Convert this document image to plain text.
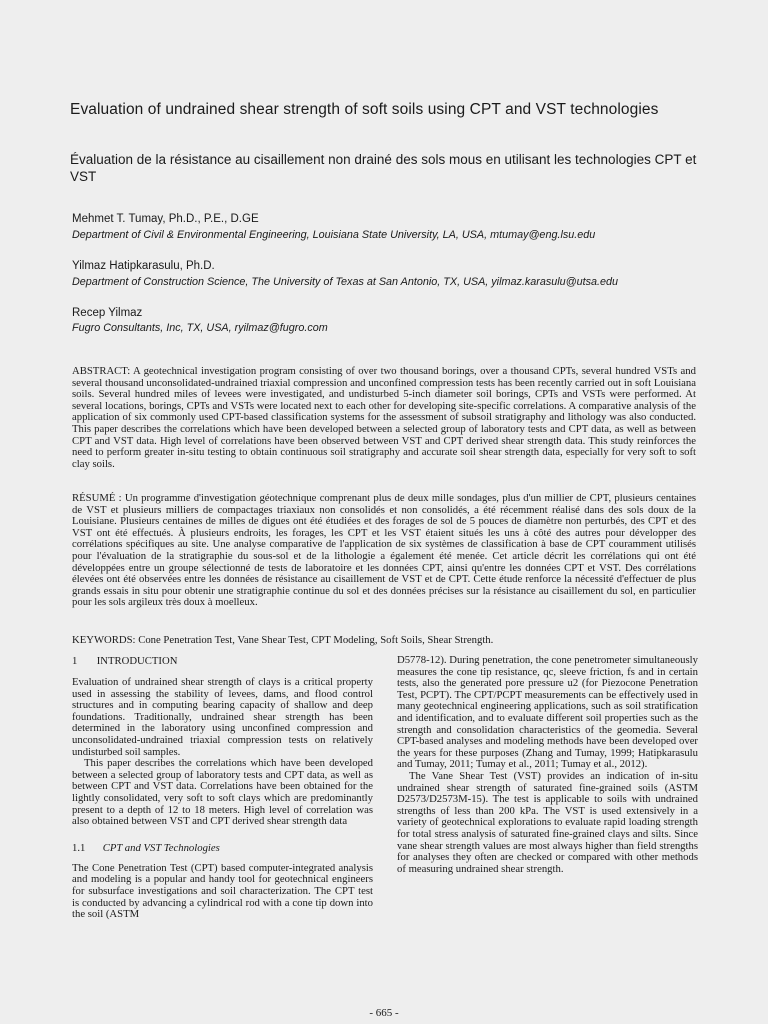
Evaluation of undrained shear strength of soft soils using CPT and VST technologies
Évaluation de la résistance au cisaillement non drainé des sols mous en utilisant les technologies CPT et VST
Mehmet T. Tumay, Ph.D., P.E., D.GE
Department of Civil & Environmental Engineering, Louisiana State University, LA, USA, mtumay@eng.lsu.edu
Yilmaz Hatipkarasulu, Ph.D.
Department of Construction Science, The University of Texas at San Antonio, TX, USA, yilmaz.karasulu@utsa.edu
Recep Yilmaz
Fugro Consultants, Inc, TX, USA, ryilmaz@fugro.com
ABSTRACT: A geotechnical investigation program consisting of over two thousand borings, over a thousand CPTs, several hundred VSTs and several thousand unconsolidated-undrained triaxial compression and unconfined compression tests has been recently carried out in soft Louisiana soils. Several hundred miles of levees were investigated, and undisturbed 5-inch diameter soil borings, CPTs and VSTs were performed. At several locations, borings, CPTs and VSTs were located next to each other for developing site-specific correlations. A comparative analysis of the application of six commonly used CPT-based classification systems for the assessment of subsoil stratigraphy and lithology was also conducted. This paper describes the correlations which have been developed between a selected group of laboratory tests and CPT data, as well as between CPT and VST data. High level of correlations have been observed between VST and CPT derived shear strength data. This study reinforces the need to perform greater in-situ testing to obtain continuous soil stratigraphy and accurate soil shear strength data, especially for very soft to soft clay soils.
RÉSUMÉ : Un programme d'investigation géotechnique comprenant plus de deux mille sondages, plus d'un millier de CPT, plusieurs centaines de VST et plusieurs milliers de compactages triaxiaux non consolidés et non consolidés, a été récemment réalisé dans des sols doux de la Louisiane. Plusieurs centaines de milles de digues ont été étudiées et des forages de sol de 5 pouces de diamètre non perturbés, des CPT et des VST ont été effectués. À plusieurs endroits, les forages, les CPT et les VST étaient situés les uns à côté des autres pour développer des corrélations spécifiques au site. Une analyse comparative de l'application de six systèmes de classification à base de CPT couramment utilisés pour l'évaluation de la stratigraphie du sous-sol et de la lithologie a également été menée. Cet article décrit les corrélations qui ont été développées entre un groupe sélectionné de tests de laboratoire et les données CPT, ainsi qu'entre les données CPT et VST. Des corrélations élevées ont été observées entre les données de résistance au cisaillement de VST et de CPT. Cette étude renforce la nécessité d'effectuer de plus grands essais in situ pour obtenir une stratigraphie continue du sol et des données précises sur la résistance au cisaillement du sol, en particulier pour les sols argileux très doux à moelleux.
KEYWORDS: Cone Penetration Test, Vane Shear Test, CPT Modeling, Soft Soils, Shear Strength.
1 INTRODUCTION

Evaluation of undrained shear strength of clays is a critical property used in assessing the stability of levees, dams, and flood control structures and in computing bearing capacity of shallow and deep foundations. Traditionally, undrained shear strength has been determined in the laboratory using unconfined compression and unconsolidated-undrained triaxial compression tests on relatively undisturbed soil samples.

This paper describes the correlations which have been developed between a selected group of laboratory tests and CPT data, as well as between CPT and VST data. Correlations have been obtained for the lightly consolidated, very soft to soft clays which are predominantly present to a depth of 12 to 18 meters. High level of correlation was also obtained between VST and CPT derived shear strength data

1.1 CPT and VST Technologies

The Cone Penetration Test (CPT) based computer-integrated analysis and modeling is a popular and handy tool for geotechnical engineers for subsurface investigations and soil characterization. The CPT test is conducted by advancing a cylindrical rod with a cone tip down into the soil (ASTM

D5778-12). During penetration, the cone penetrometer simultaneously measures the cone tip resistance, qc, sleeve friction, fs and in certain tests, also the generated pore pressure u2 (for Piezocone Penetration Test, PCPT). The CPT/PCPT measurements can be effectively used in many geotechnical engineering applications, such as soil stratification and identification, and to evaluate different soil properties such as the strength and consolidation characteristics of the geomedia. Several CPT-based analyses and modeling methods have been developed over the years for these purposes (Zhang and Tumay, 1999; Hatipkarasulu and Tumay, 2011; Tumay et al., 2011; Tumay et al., 2012).

The Vane Shear Test (VST) provides an indication of in-situ undrained shear strength of saturated fine-grained soils (ASTM D2573/D2573M-15). The test is applicable to soils with undrained strengths of less than 200 kPa. The VST is used extensively in a variety of geotechnical explorations to evaluate rapid loading strength for total stress analysis of saturated fine-grained clays and silts. Since vane shear strength values are most always higher than field strengths for analyses they often are checked or compared with other methods of measuring undrained shear strength.

- 665 -
